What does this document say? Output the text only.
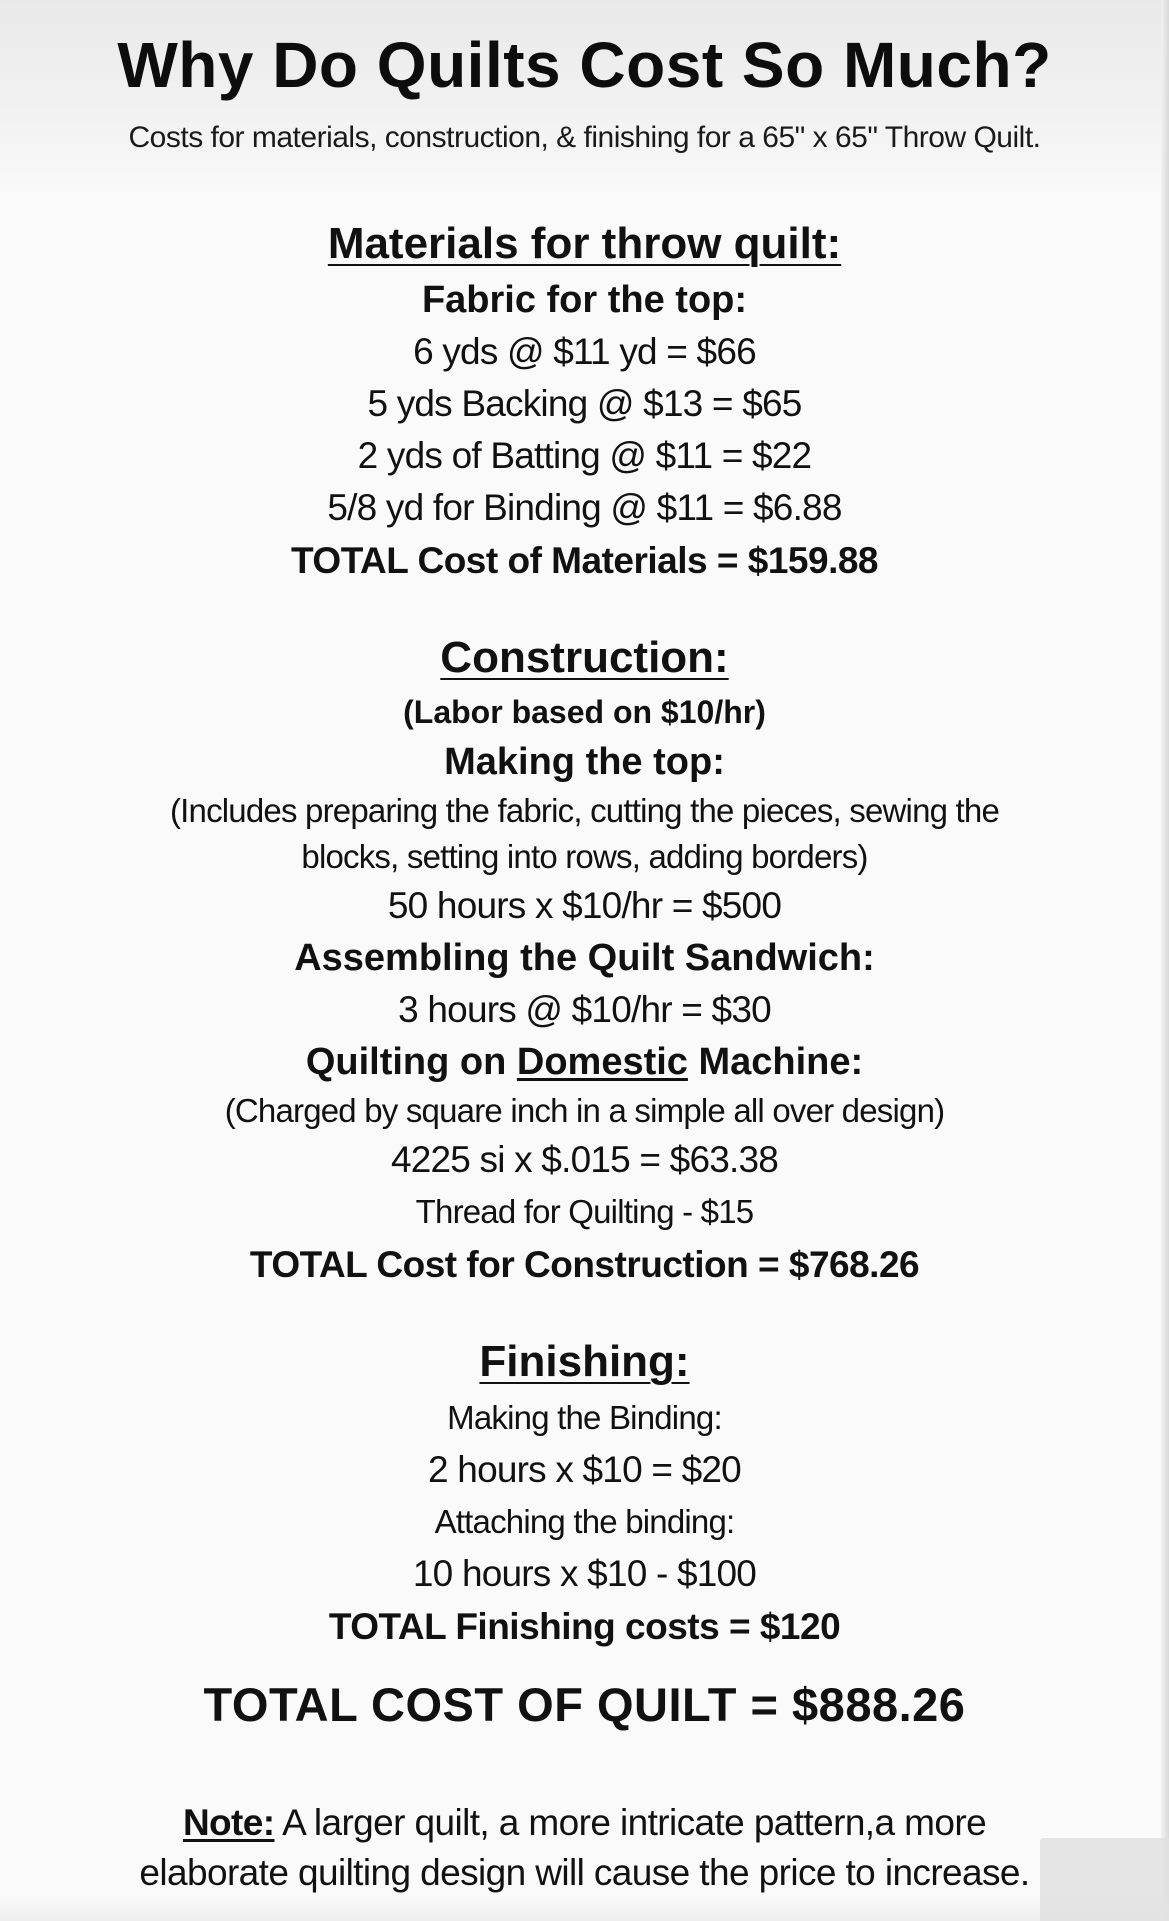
Why Do Quilts Cost So Much?
Costs for materials, construction, & finishing for a 65" x 65" Throw Quilt.

Materials for throw quilt:

Fabric for the top:

6 yds @ $11 yd = $66

5 yds Backing @ $13 = $65

2 yds of Batting @ $11 = $22

5/8 yd for Binding @ $11 = $6.88

TOTAL Cost of Materials = $159.88

Construction:

(Labor based on $10/hr)

Making the top:

(Includes preparing the fabric, cutting the pieces, sewing the

blocks, setting into rows, adding borders)

50 hours x $10/hr = $500

Assembling the Quilt Sandwich:

3 hours @ $10/hr = $30

Quilting on Domestic Machine:

(Charged by square inch in a simple all over design)

4225 si x $.015 = $63.38

Thread for Quilting - $15

TOTAL Cost for Construction = $768.26

Finishing:

Making the Binding:

2 hours x $10 = $20

Attaching the binding:

10 hours x $10 - $100

TOTAL Finishing costs = $120

TOTAL COST OF QUILT = $888.26

Note: A larger quilt, a more intricate pattern,a more
elaborate quilting design will cause the price to increase.
